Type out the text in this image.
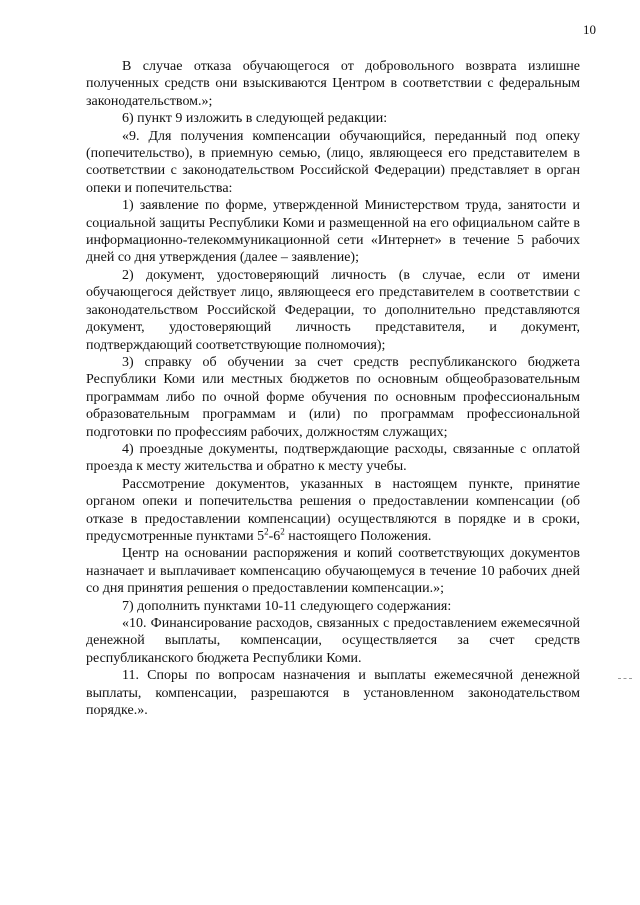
10

В случае отказа обучающегося от добровольного возврата излишне полученных средств они взыскиваются Центром в соответствии с федеральным законодательством.»;

6) пункт 9 изложить в следующей редакции:

«9. Для получения компенсации обучающийся, переданный под опеку (попечительство), в приемную семью, (лицо, являющееся его представителем в соответствии с законодательством Российской Федерации) представляет в орган опеки и попечительства:

1) заявление по форме, утвержденной Министерством труда, занятости и социальной защиты Республики Коми и размещенной на его официальном сайте в информационно-телекоммуникационной сети «Интернет» в течение 5 рабочих дней со дня утверждения (далее – заявление);

2) документ, удостоверяющий личность (в случае, если от имени обучающегося действует лицо, являющееся его представителем в соответствии с законодательством Российской Федерации, то дополнительно представляются документ, удостоверяющий личность представителя, и документ, подтверждающий соответствующие полномочия);

3) справку об обучении за счет средств республиканского бюджета Республики Коми или местных бюджетов по основным общеобразовательным программам либо по очной форме обучения по основным профессиональным образовательным программам и (или) по программам профессиональной подготовки по профессиям рабочих, должностям служащих;

4) проездные документы, подтверждающие расходы, связанные с оплатой проезда к месту жительства и обратно к месту учебы.

Рассмотрение документов, указанных в настоящем пункте, принятие органом опеки и попечительства решения о предоставлении компенсации (об отказе в предоставлении компенсации) осуществляются в порядке и в сроки, предусмотренные пунктами $5^2-6^2$ настоящего Положения.

Центр на основании распоряжения и копий соответствующих документов назначает и выплачивает компенсацию обучающемуся в течение 10 рабочих дней со дня принятия решения о предоставлении компенсации.»;

7) дополнить пунктами 10-11 следующего содержания:

«10. Финансирование расходов, связанных с предоставлением ежемесячной денежной выплаты, компенсации, осуществляется за счет средств республиканского бюджета Республики Коми.

11. Споры по вопросам назначения и выплаты ежемесячной денежной выплаты, компенсации, разрешаются в установленном законодательством порядке.».
